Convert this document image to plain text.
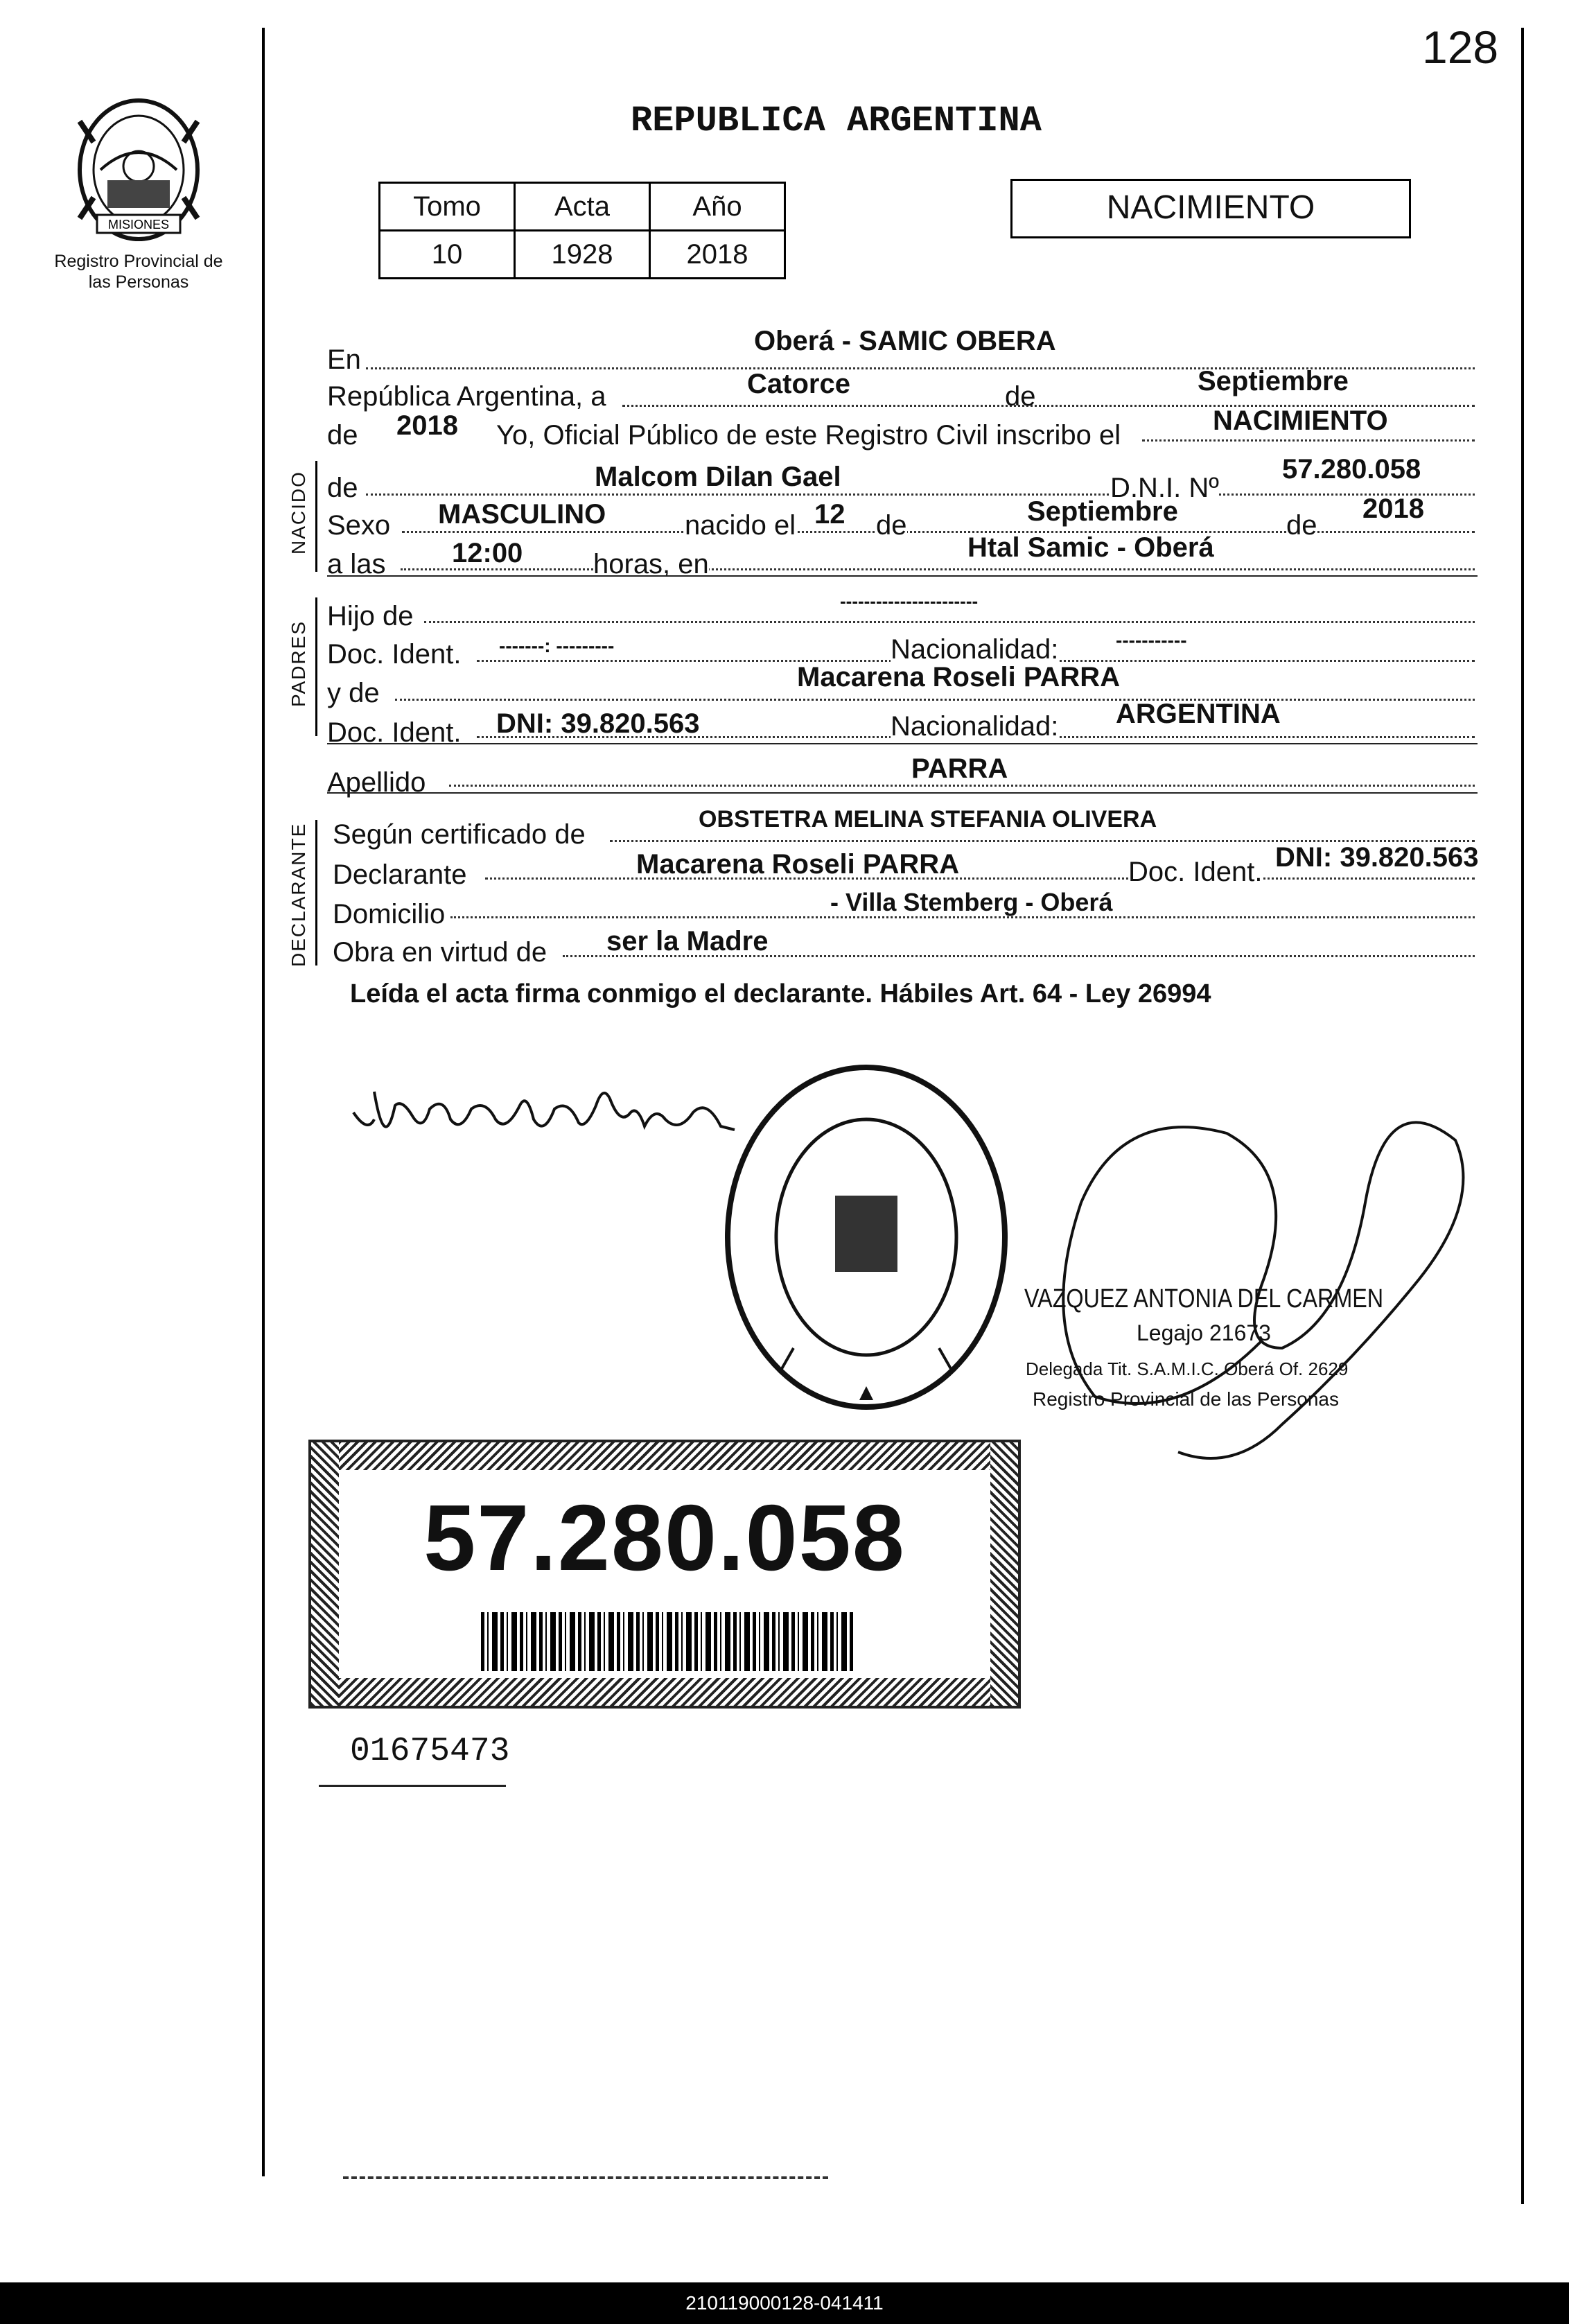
128
MISIONES
Registro Provincial de las Personas
REPUBLICA ARGENTINA
NACIMIENTO
Tomo	Acta	Año
10	1928	2018
En
Oberá - SAMIC OBERA
República Argentina, a	Catorce	de	Septiembre
de 2018 Yo, Oficial Público de este Registro Civil inscribo el	NACIMIENTO
NACIDO de	Malcom Dilan Gael	D.N.I. Nº
57.280.058
Sexo MASCULINO	nacido el 12 de	Septiembre	de
2018
a las 12:00	horas, en
Htal Samic - Oberá
PADRES
Hijo de	-----------------------
Doc. Ident. -------: ---------	Nacionalidad:	-----------
y de
Macarena Roseli PARRA
Doc. Ident. DNI: 39.820.563	Nacionalidad: ARGENTINA
Apellido	PARRA
DECLARANTE Según certificado de	OBSTETRA MELINA STEFANIA OLIVERA
Declarante	Macarena Roseli PARRA	Doc. Ident. DNI: 39.820.563
Domicilio	- Villa Stemberg - Oberá
Obra en virtud de ser la Madre
Leída el acta firma conmigo el declarante. Hábiles Art. 64 - Ley 26994
VAZQUEZ ANTONIA DEL CARMEN
Legajo 21673
Delegada Tit. S.A.M.I.C. Oberá Of. 2629
Registro Provincial de las Personas
57.280.058
01675473
210119000128-041411
